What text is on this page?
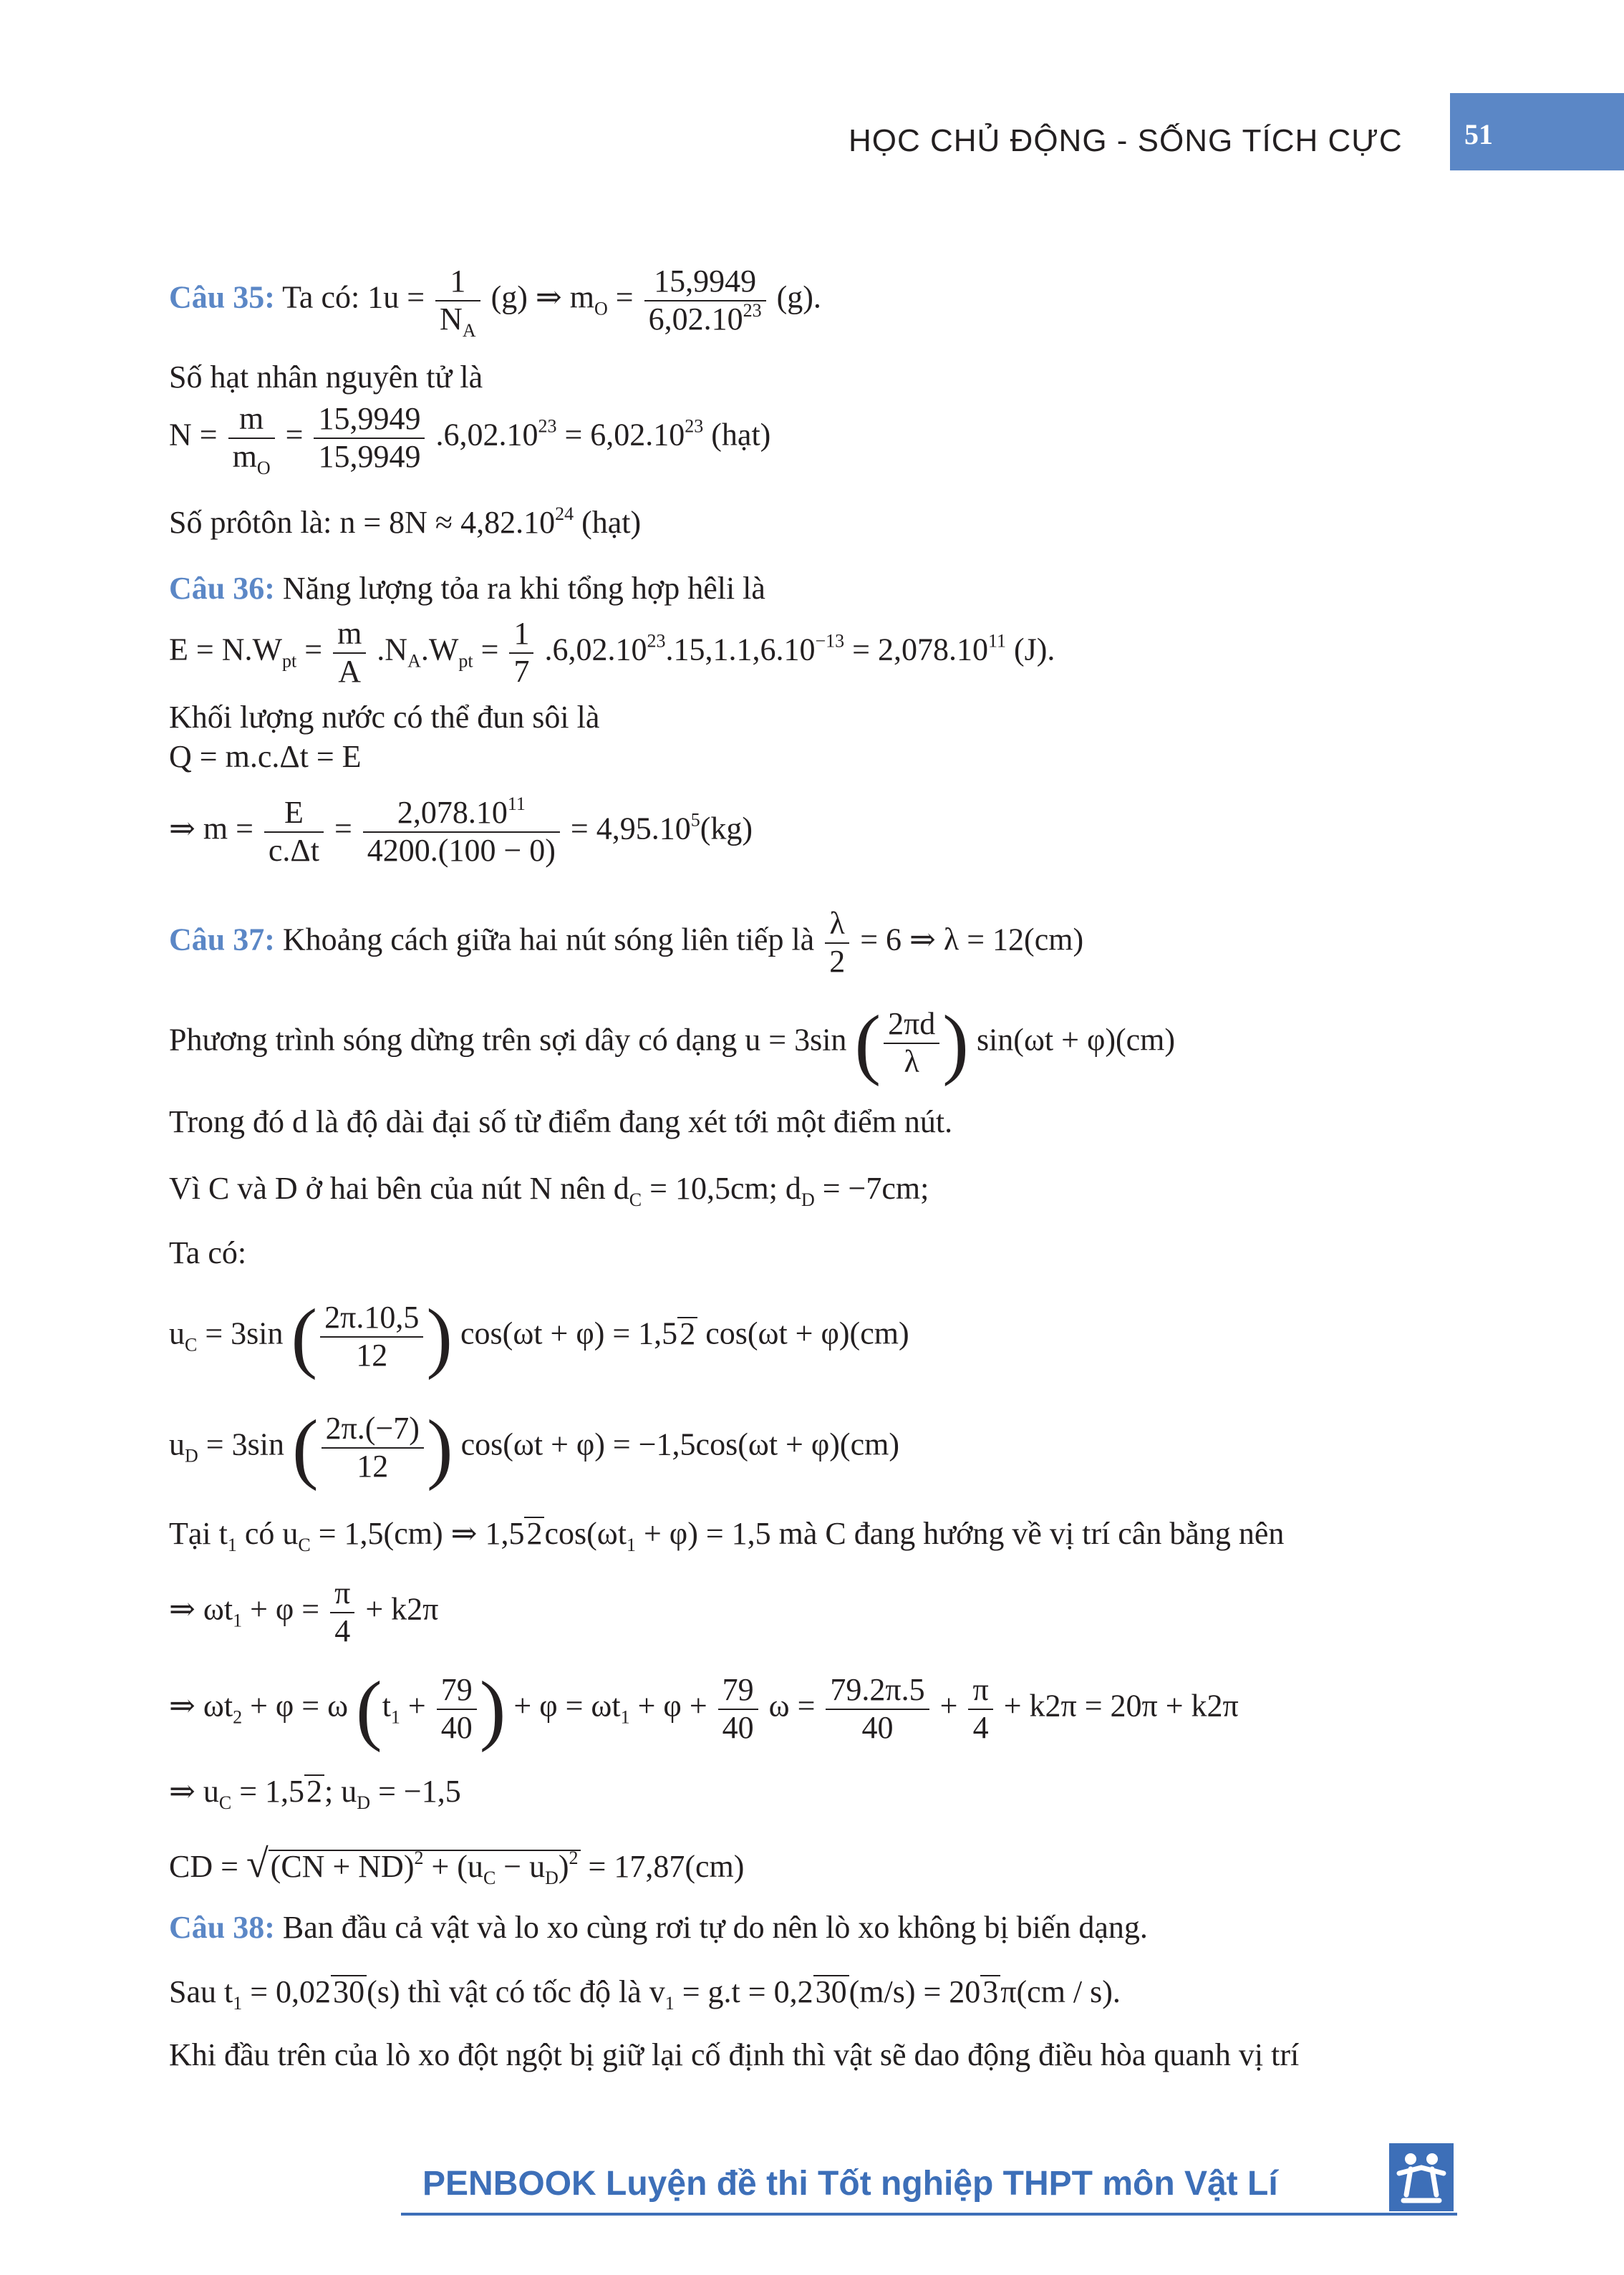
HỌC CHỦ ĐỘNG - SỐNG TÍCH CỰC 51
Câu 35: Ta có: $1u = \frac{1}{N_A} (g)$ ⇒ $m_O = \frac{15,9949}{6,02.10^{23}} (g)$.
Số hạt nhân nguyên tử là
$N = \frac{m}{m_O} = \frac{15,9949}{15,9949} .6,02.10^{23} = 6,02.10^{23}$ (hạt)
Số prôtôn là: $n = 8N \approx 4,82.10^{24}$ (hạt)
Câu 36: Năng lượng tỏa ra khi tổng hợp hêli là
$E = N.W_{pt} = \frac{m}{A} .N_A.W_{pt} = \frac{1}{7} .6,02.10^{23}.15,1.1,6.10^{-13} = 2,078.10^{11}$ (J).
Khối lượng nước có thể đun sôi là
Q = m.c.Δt = E
⇒ $m = \frac{E}{c.\Delta t} = \frac{2,078.10^{11}}{4200.(100 - 0)} = 4,95.10^5(kg)$
Câu 37: Khoảng cách giữa hai nút sóng liên tiếp là $\frac{\lambda}{2} = 6$ ⇒ λ = 12(cm)
Phương trình sóng dừng trên sợi dây có dạng u = 3sin ( $\frac{2\pi d}{\lambda}$ ) sin(ωt + φ)(cm)
Trong đó d là độ dài đại số từ điểm đang xét tới một điểm nút.
Vì C và D ở hai bên của nút N nên $d_C = 10,5cm$; $d_D = -7cm$;
Ta có:
$u_C = 3\sin$ ( $\frac{2\pi.10,5}{12}$ ) cos(ωt + φ) = 1,52 cos(ωt + φ)(cm)
$u_D = 3\sin$ ( $\frac{2\pi.(-7)}{12}$ ) cos(ωt + φ) = −1,5cos(ωt + φ)(cm)
Tại $t_1$ có $u_C = 1,5(cm)$ ⇒ $1,52\cos(\omega t_1 + \varphi) = 1,5$ mà C đang hướng về vị trí cân bằng nên
⇒ $\omega t_1 + \varphi = \frac{\pi}{4} + k2\pi$
⇒ $\omega t_2 + \varphi = \omega$ ($t_1 + \frac{79}{40}$ ) + $\varphi = \omega t_1 + \varphi + \frac{79}{40}$ $\omega = \frac{79.2\pi.5}{40} + \frac{\pi}{4} + k2\pi = 20\pi + k2\pi$
⇒ $u_C = 1,52$; $u_D = -1,5$
CD = $√(CN + ND)^2 + (u_C - u_D)^2 = 17,87(cm)$
Câu 38: Ban đầu cả vật và lo xo cùng rơi tự do nên lò xo không bị biến dạng.
Sau $t_1 = 0,0230(s)$ thì vật có tốc độ là $v_1 = g.t = 0,230(m/s) = 203\pi(cm / s)$.
Khi đầu trên của lò xo đột ngột bị giữ lại cố định thì vật sẽ dao động điều hòa quanh vị trí
PENBOOK Luyện đề thi Tốt nghiệp THPT môn Vật Lí
